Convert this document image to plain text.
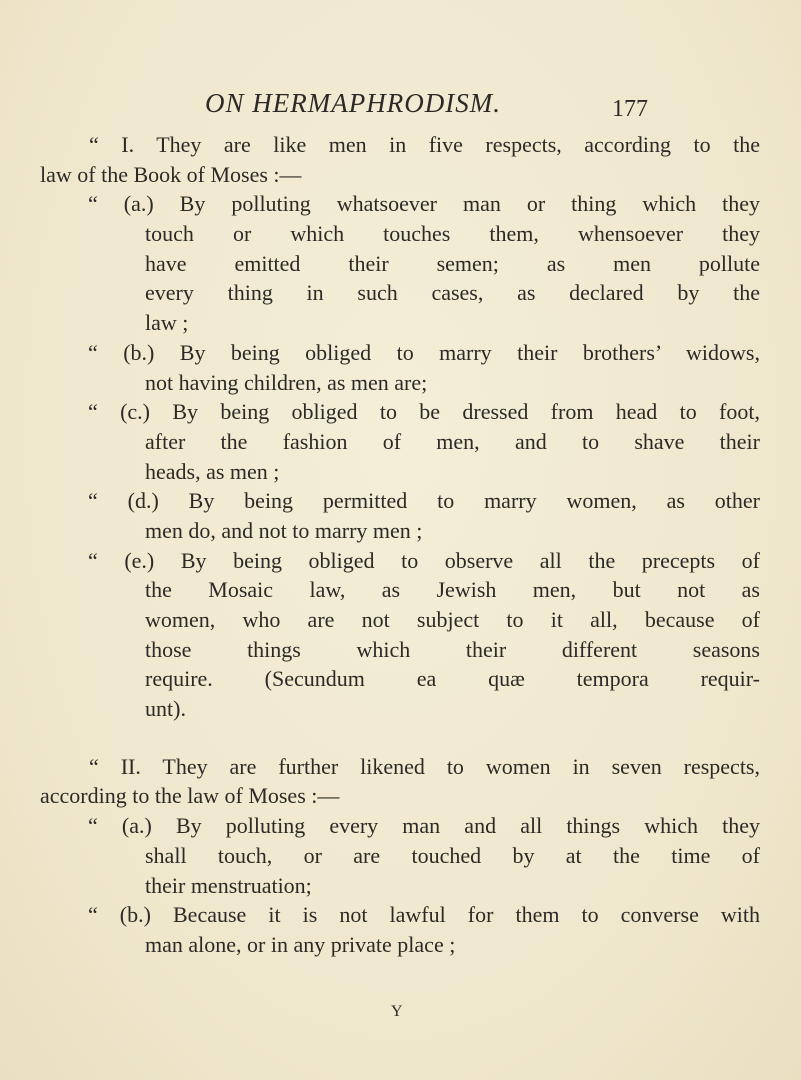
ON HERMAPHRODISM.	177
“ I. They are like men in five respects, according to the
law of the Book of Moses :—
“ (a.) By polluting whatsoever man or thing which they
touch or which touches them, whensoever they
have emitted their semen; as men pollute
every thing in such cases, as declared by the
law ;
“ (b.) By being obliged to marry their brothers’ widows,
not having children, as men are;
“ (c.) By being obliged to be dressed from head to foot,
after the fashion of men, and to shave their
heads, as men ;
“ (d.) By being permitted to marry women, as other
men do, and not to marry men ;
“ (e.) By being obliged to observe all the precepts of
the Mosaic law, as Jewish men, but not as
women, who are not subject to it all, because of
those things which their different seasons
require. (Secundum ea quæ tempora requir-
unt).
“ II. They are further likened to women in seven respects,
according to the law of Moses :—
“ (a.) By polluting every man and all things which they
shall touch, or are touched by at the time of
their menstruation;
“ (b.) Because it is not lawful for them to converse with
man alone, or in any private place ;
Y
